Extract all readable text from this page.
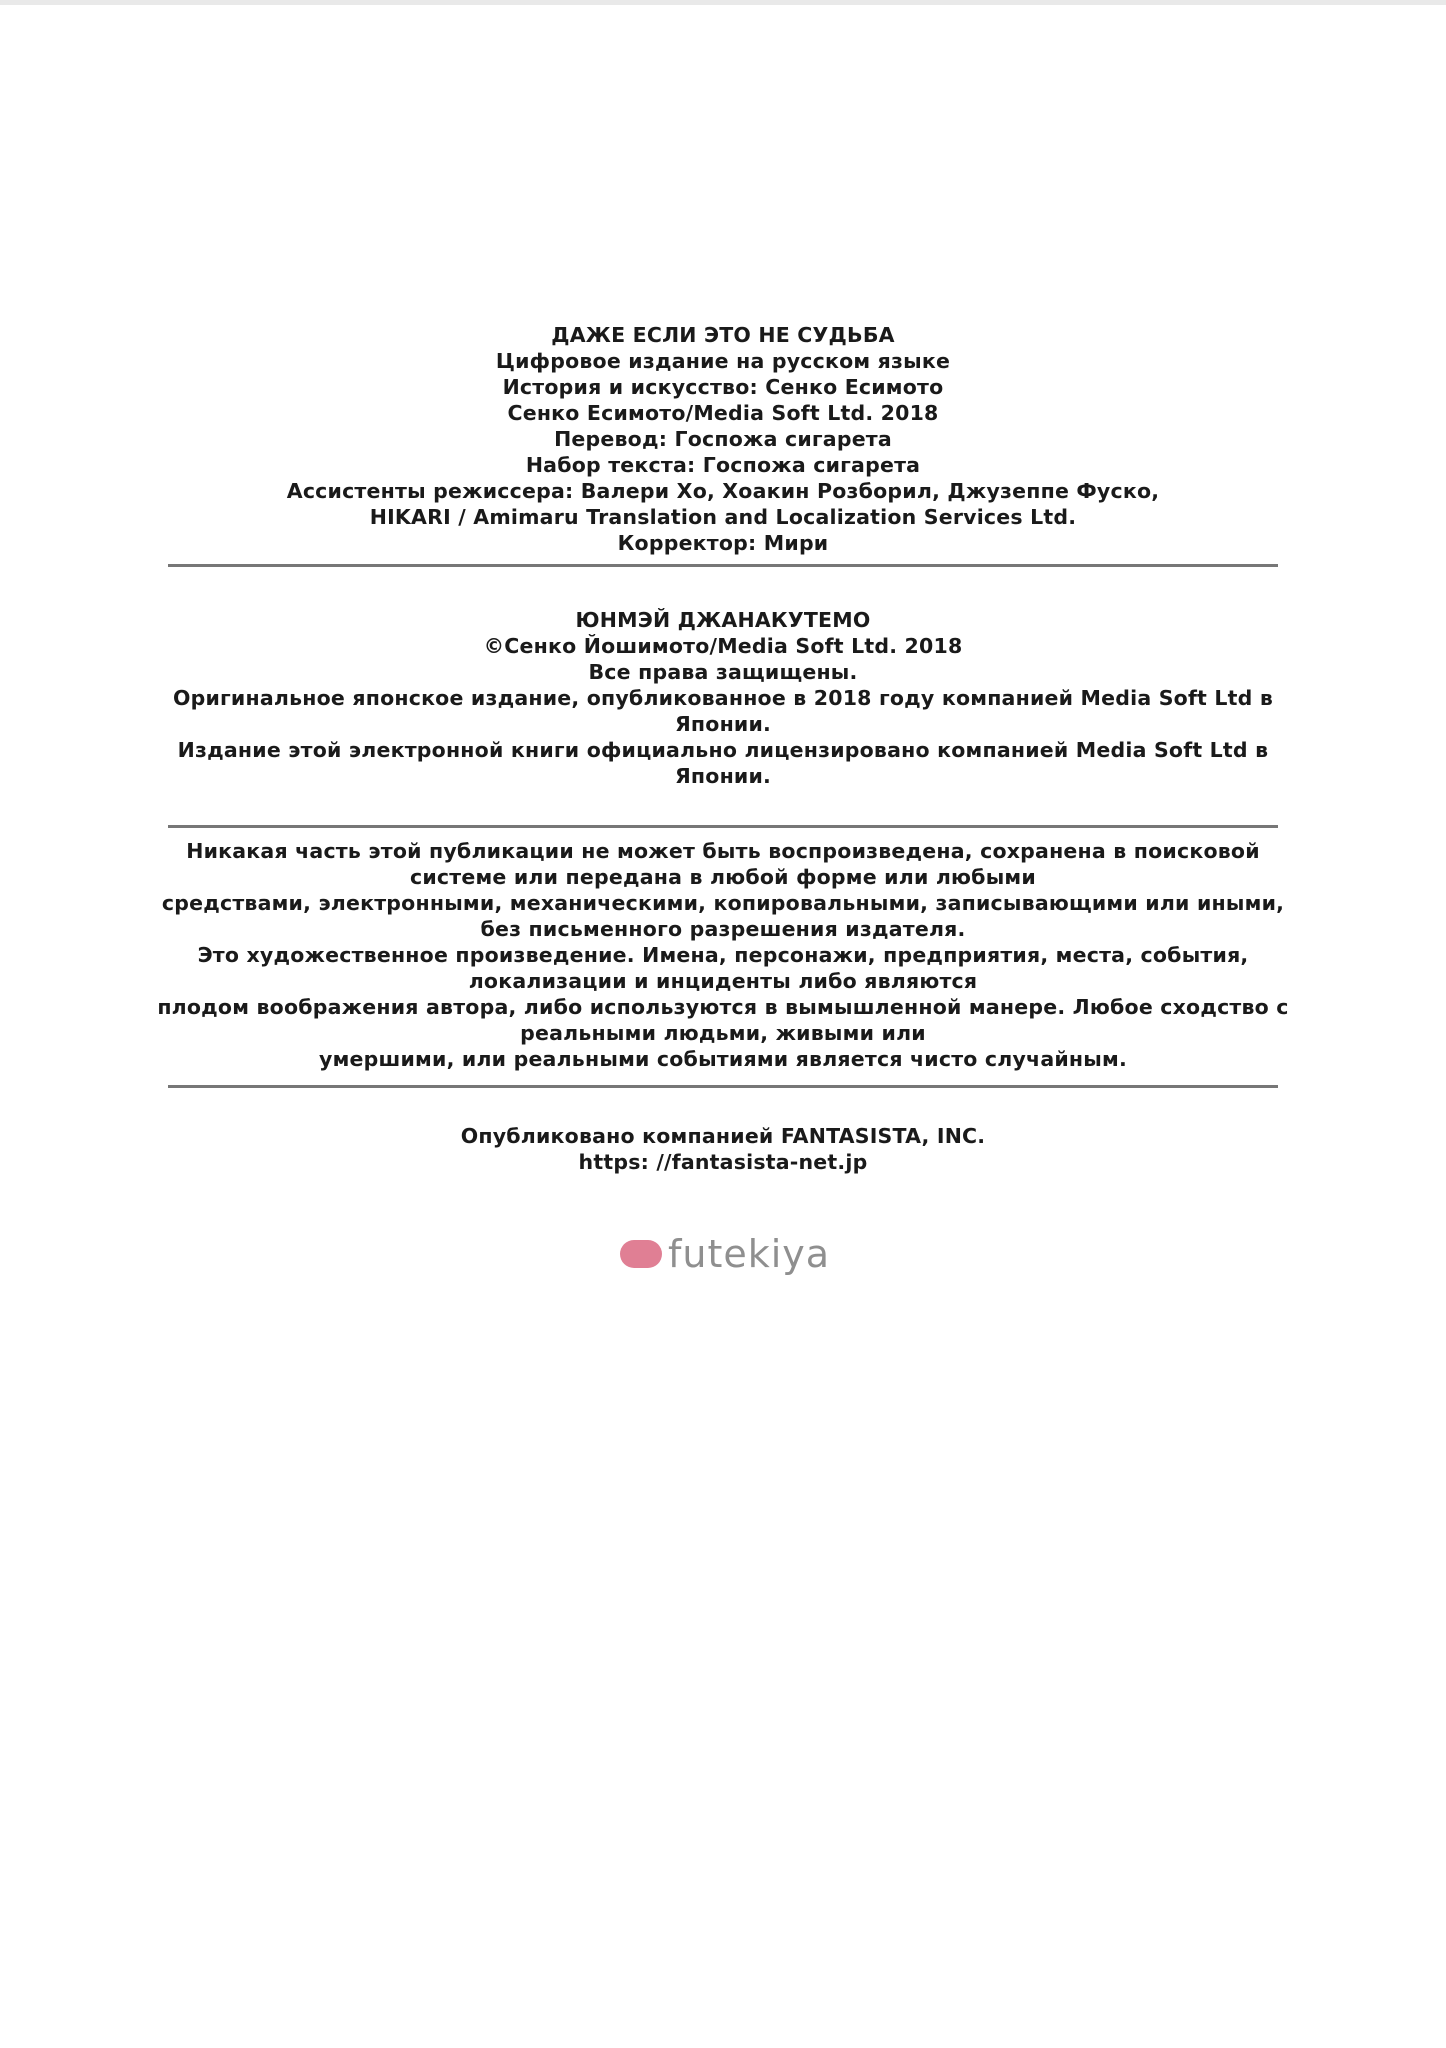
ДАЖЕ ЕСЛИ ЭТО НЕ СУДЬБА
Цифровое издание на русском языке
История и искусство: Сенко Есимото
Сенко Есимото/Media Soft Ltd. 2018
Перевод: Госпожа сигарета
Набор текста: Госпожа сигарета
Ассистенты режиссера: Валери Хо, Хоакин Розборил, Джузеппе Фуско,
HIKARI / Amimaru Translation and Localization Services Ltd.
Корректор: Мири
ЮНМЭЙ ДЖАНАКУТЕМО
©Сенко Йошимото/Media Soft Ltd. 2018
Все права защищены.
Оригинальное японское издание, опубликованное в 2018 году компанией Media Soft Ltd в
Японии.
Издание этой электронной книги официально лицензировано компанией Media Soft Ltd в
Японии.
Никакая часть этой публикации не может быть воспроизведена, сохранена в поисковой
системе или передана в любой форме или любыми
средствами, электронными, механическими, копировальными, записывающими или иными,
без письменного разрешения издателя.
Это художественное произведение. Имена, персонажи, предприятия, места, события,
локализации и инциденты либо являются
плодом воображения автора, либо используются в вымышленной манере. Любое сходство с
реальными людьми, живыми или
умершими, или реальными событиями является чисто случайным.
Опубликовано компанией FANTASISTA, INC.
https: //fantasista-net.jp
futekiya
